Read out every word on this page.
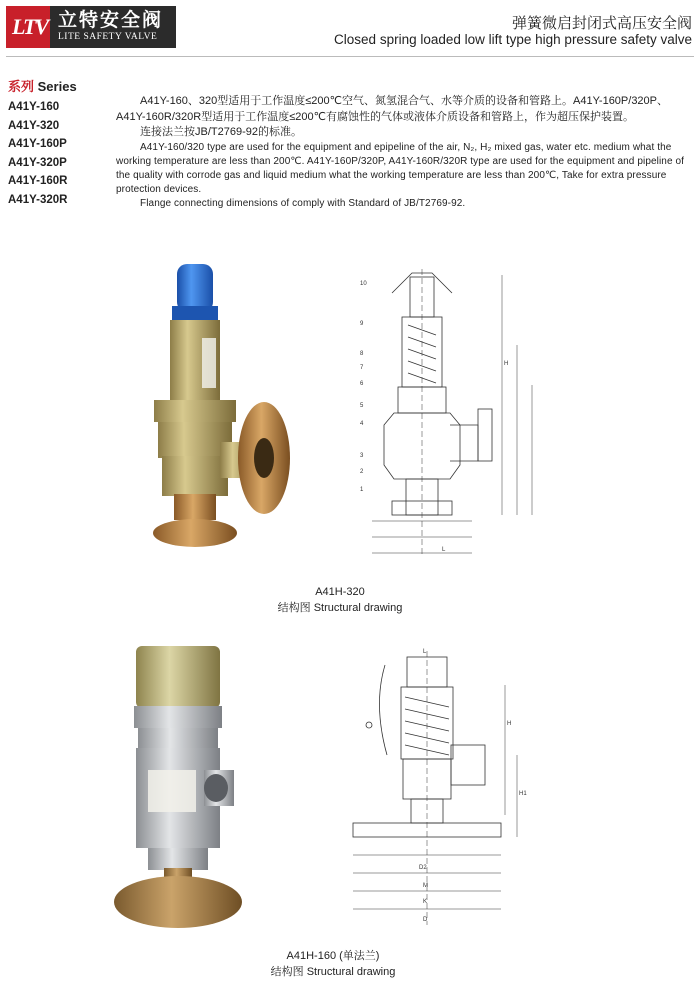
LTV 立特安全阀
LITE SAFETY VALVE
弹簧微启封闭式高压安全阀
Closed spring loaded low lift type high pressure safety valve
系列 Series
A41Y-160
A41Y-320
A41Y-160P
A41Y-320P
A41Y-160R
A41Y-320R

A41Y-160、320型适用于工作温度≤200℃空气、氮氢混合气、水等介质的设备和管路上。A41Y-160P/320P、A41Y-160R/320R型适用于工作温度≤200℃有腐蚀性的气体或液体介质设备和管路上，作为超压保护装置。

连接法兰按JB/T2769-92的标准。

A41Y-160/320 type are used for the equipment and epipeline of the air, N₂, H₂ mixed gas, water etc. medium what the working temperature are less than 200℃. A41Y-160P/320P, A41Y-160R/320R type are used for the equipment and pipeline of the quality with corrode gas and liquid medium what the working temperature are less than 200℃, Take for extra pressure protection devices.

Flange connecting dimensions of comply with Standard of JB/T2769-92.

10
9
8
7
6
5
4
3
2
1
H
L
A41H-320
结构图 Structural drawing
L
H
H1
D2
M
K
D
A41H-160 (单法兰)
结构图 Structural drawing
